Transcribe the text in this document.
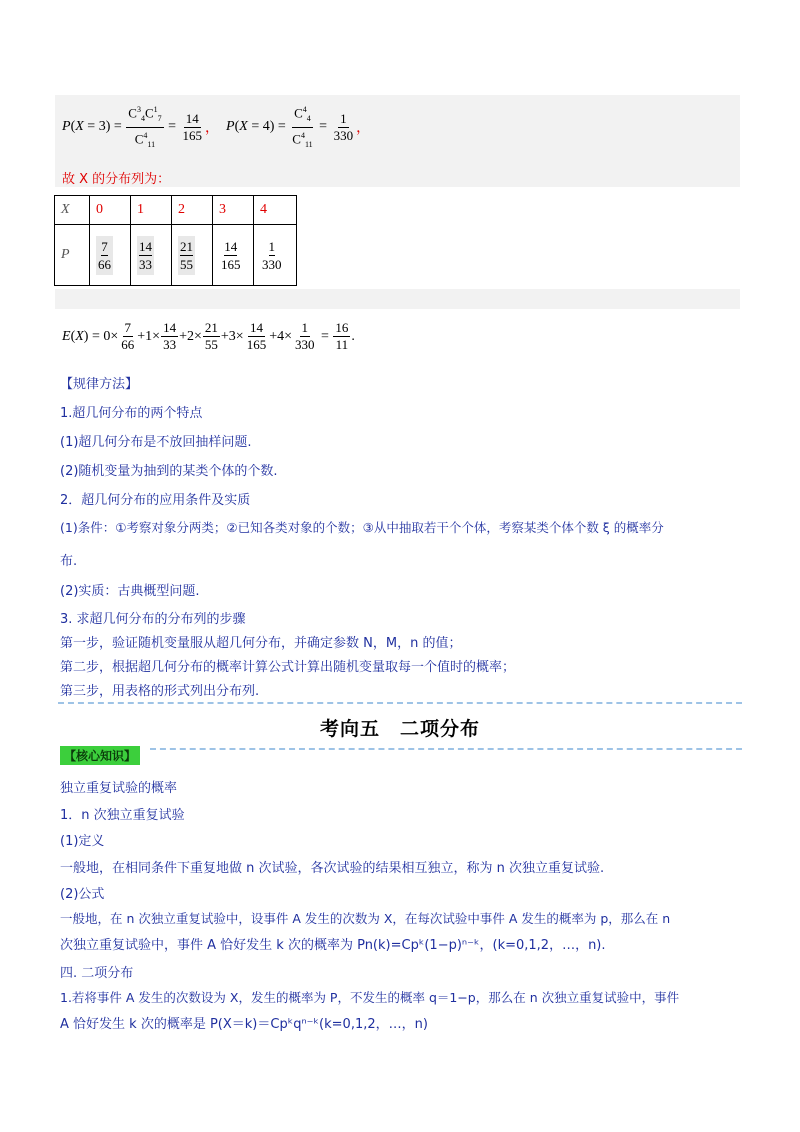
P ( X
= 3 ) = $\frac{C^3_4C^1_7}{C^4_{11}} = \frac{14}{165}$ ，
P ( X
= 4 ) = $\frac{C^4_4}{C^4_{11}} = \frac{1}{330}$ ，
故 X 的分布列为：
X	0	1	2	3	4
P	$\frac{7}{66}$	$\frac{14}{33}$	$\frac{21}{55}$	$\frac{14}{165}$	$\frac{1}{330}$
E ( X ) = $0 \times \frac{7}{66} + 1 \times \frac{14}{33} + 2 \times \frac{21}{55} + 3 \times \frac{14}{165} + 4 \times \frac{1}{330} = \frac{16}{11}$ .
【规律方法】
1.超几何分布的两个特点
(1)超几何分布是不放回抽样问题.
(2)随机变量为抽到的某类个体的个数.
2．超几何分布的应用条件及实质
(1)条件：①考察对象分两类；②已知各类对象的个数；③从中抽取若干个个体，考察某类个体个数 ξ 的概率分
布.
(2)实质：古典概型问题.
3. 求超几何分布的分布列的步骤
第一步，验证随机变量服从超几何分布，并确定参数 N，M，n 的值；
第二步，根据超几何分布的概率计算公式计算出随机变量取每一个值时的概率；
第三步，用表格的形式列出分布列.
考向五　二项分布
【核心知识】
独立重复试验的概率
1．n 次独立重复试验
(1)定义
一般地，在相同条件下重复地做 n 次试验，各次试验的结果相互独立，称为 n 次独立重复试验.
(2)公式
一般地，在 n 次独立重复试验中，设事件 A 发生的次数为 X，在每次试验中事件 A 发生的概率为 p，那么在 n
次独立重复试验中，事件 A 恰好发生 k 次的概率为 Pn(k)=Cpᵏ(1−p)ⁿ⁻ᵏ，(k=0,1,2，…，n).
四. 二项分布
1.若将事件 A 发生的次数设为 X，发生的概率为 P，不发生的概率 q＝1−p，那么在 n 次独立重复试验中，事件
A 恰好发生 k 次的概率是 P(X＝k)＝Cpᵏqⁿ⁻ᵏ(k=0,1,2，…，n)
